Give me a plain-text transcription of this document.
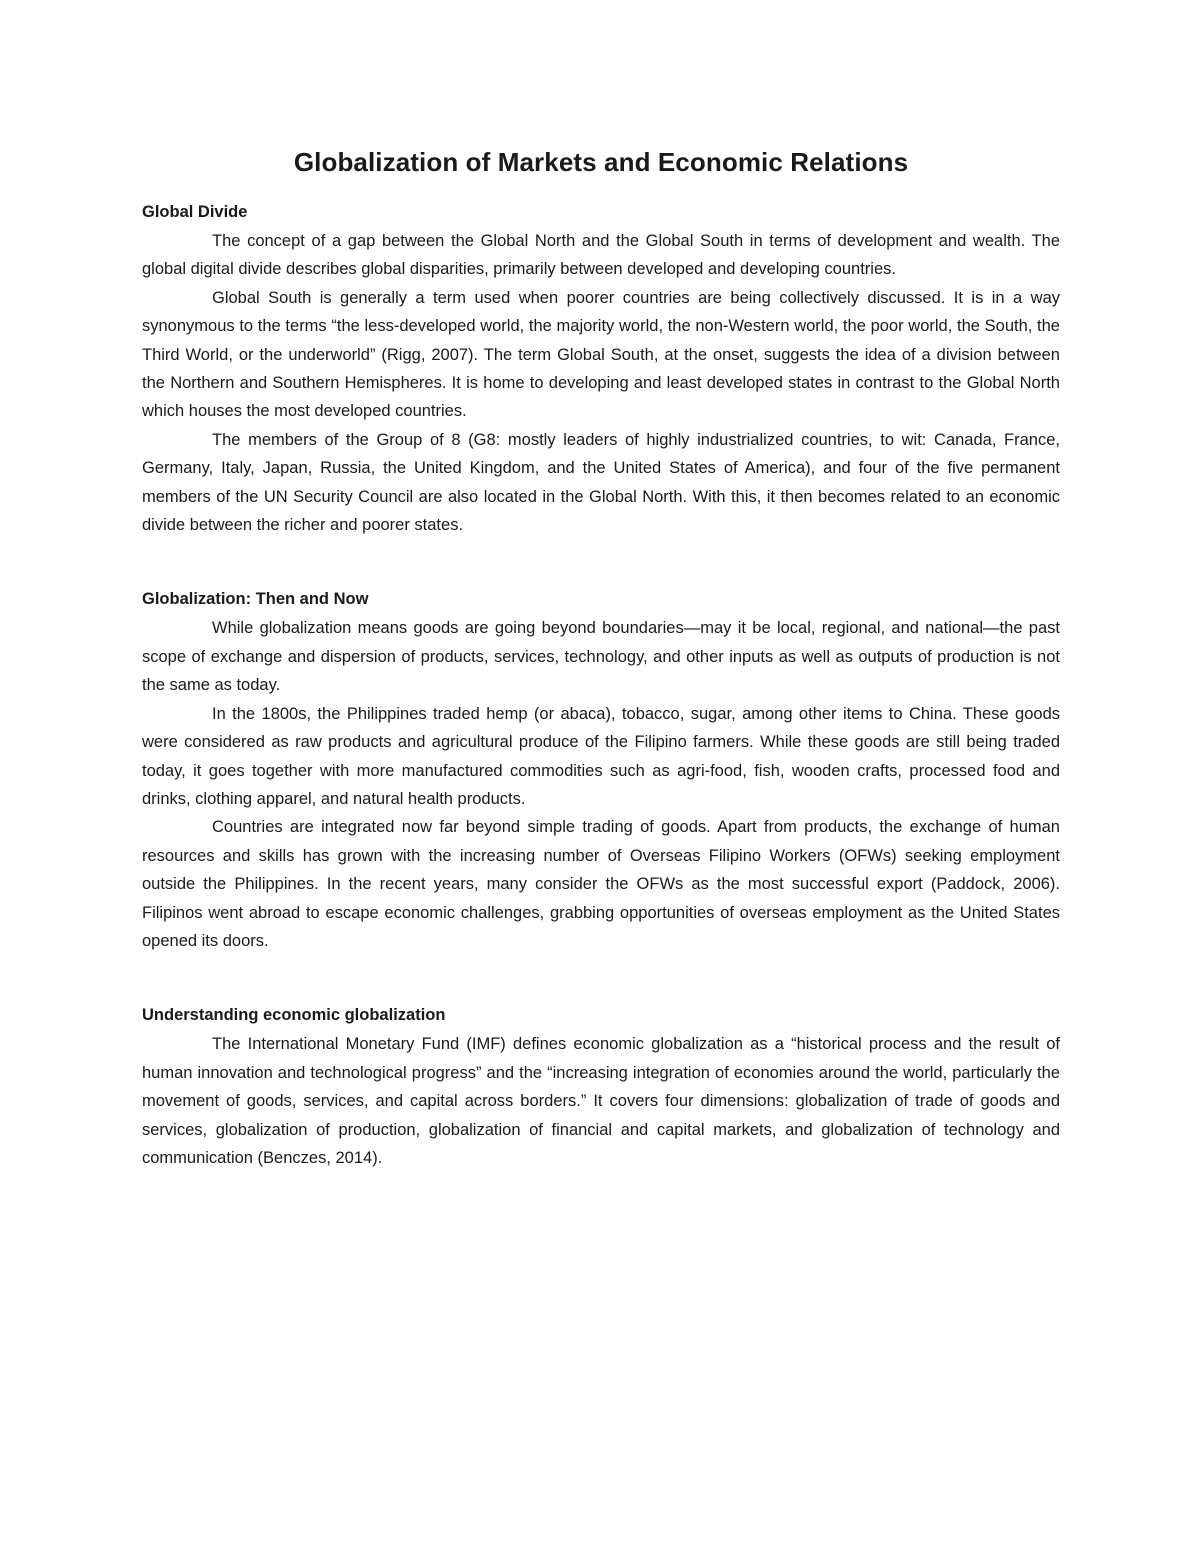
Globalization of Markets and Economic Relations
Global Divide

The concept of a gap between the Global North and the Global South in terms of development and wealth. The global digital divide describes global disparities, primarily between developed and developing countries.

Global South is generally a term used when poorer countries are being collectively discussed. It is in a way synonymous to the terms “the less-developed world, the majority world, the non-Western world, the poor world, the South, the Third World, or the underworld” (Rigg, 2007). The term Global South, at the onset, suggests the idea of a division between the Northern and Southern Hemispheres. It is home to developing and least developed states in contrast to the Global North which houses the most developed countries.

The members of the Group of 8 (G8: mostly leaders of highly industrialized countries, to wit: Canada, France, Germany, Italy, Japan, Russia, the United Kingdom, and the United States of America), and four of the five permanent members of the UN Security Council are also located in the Global North. With this, it then becomes related to an economic divide between the richer and poorer states.

Globalization: Then and Now

While globalization means goods are going beyond boundaries—may it be local, regional, and national—the past scope of exchange and dispersion of products, services, technology, and other inputs as well as outputs of production is not the same as today.

In the 1800s, the Philippines traded hemp (or abaca), tobacco, sugar, among other items to China. These goods were considered as raw products and agricultural produce of the Filipino farmers. While these goods are still being traded today, it goes together with more manufactured commodities such as agri-food, fish, wooden crafts, processed food and drinks, clothing apparel, and natural health products.

Countries are integrated now far beyond simple trading of goods. Apart from products, the exchange of human resources and skills has grown with the increasing number of Overseas Filipino Workers (OFWs) seeking employment outside the Philippines. In the recent years, many consider the OFWs as the most successful export (Paddock, 2006). Filipinos went abroad to escape economic challenges, grabbing opportunities of overseas employment as the United States opened its doors.

Understanding economic globalization

The International Monetary Fund (IMF) defines economic globalization as a “historical process and the result of human innovation and technological progress” and the “increasing integration of economies around the world, particularly the movement of goods, services, and capital across borders.” It covers four dimensions: globalization of trade of goods and services, globalization of production, globalization of financial and capital markets, and globalization of technology and communication (Benczes, 2014).
